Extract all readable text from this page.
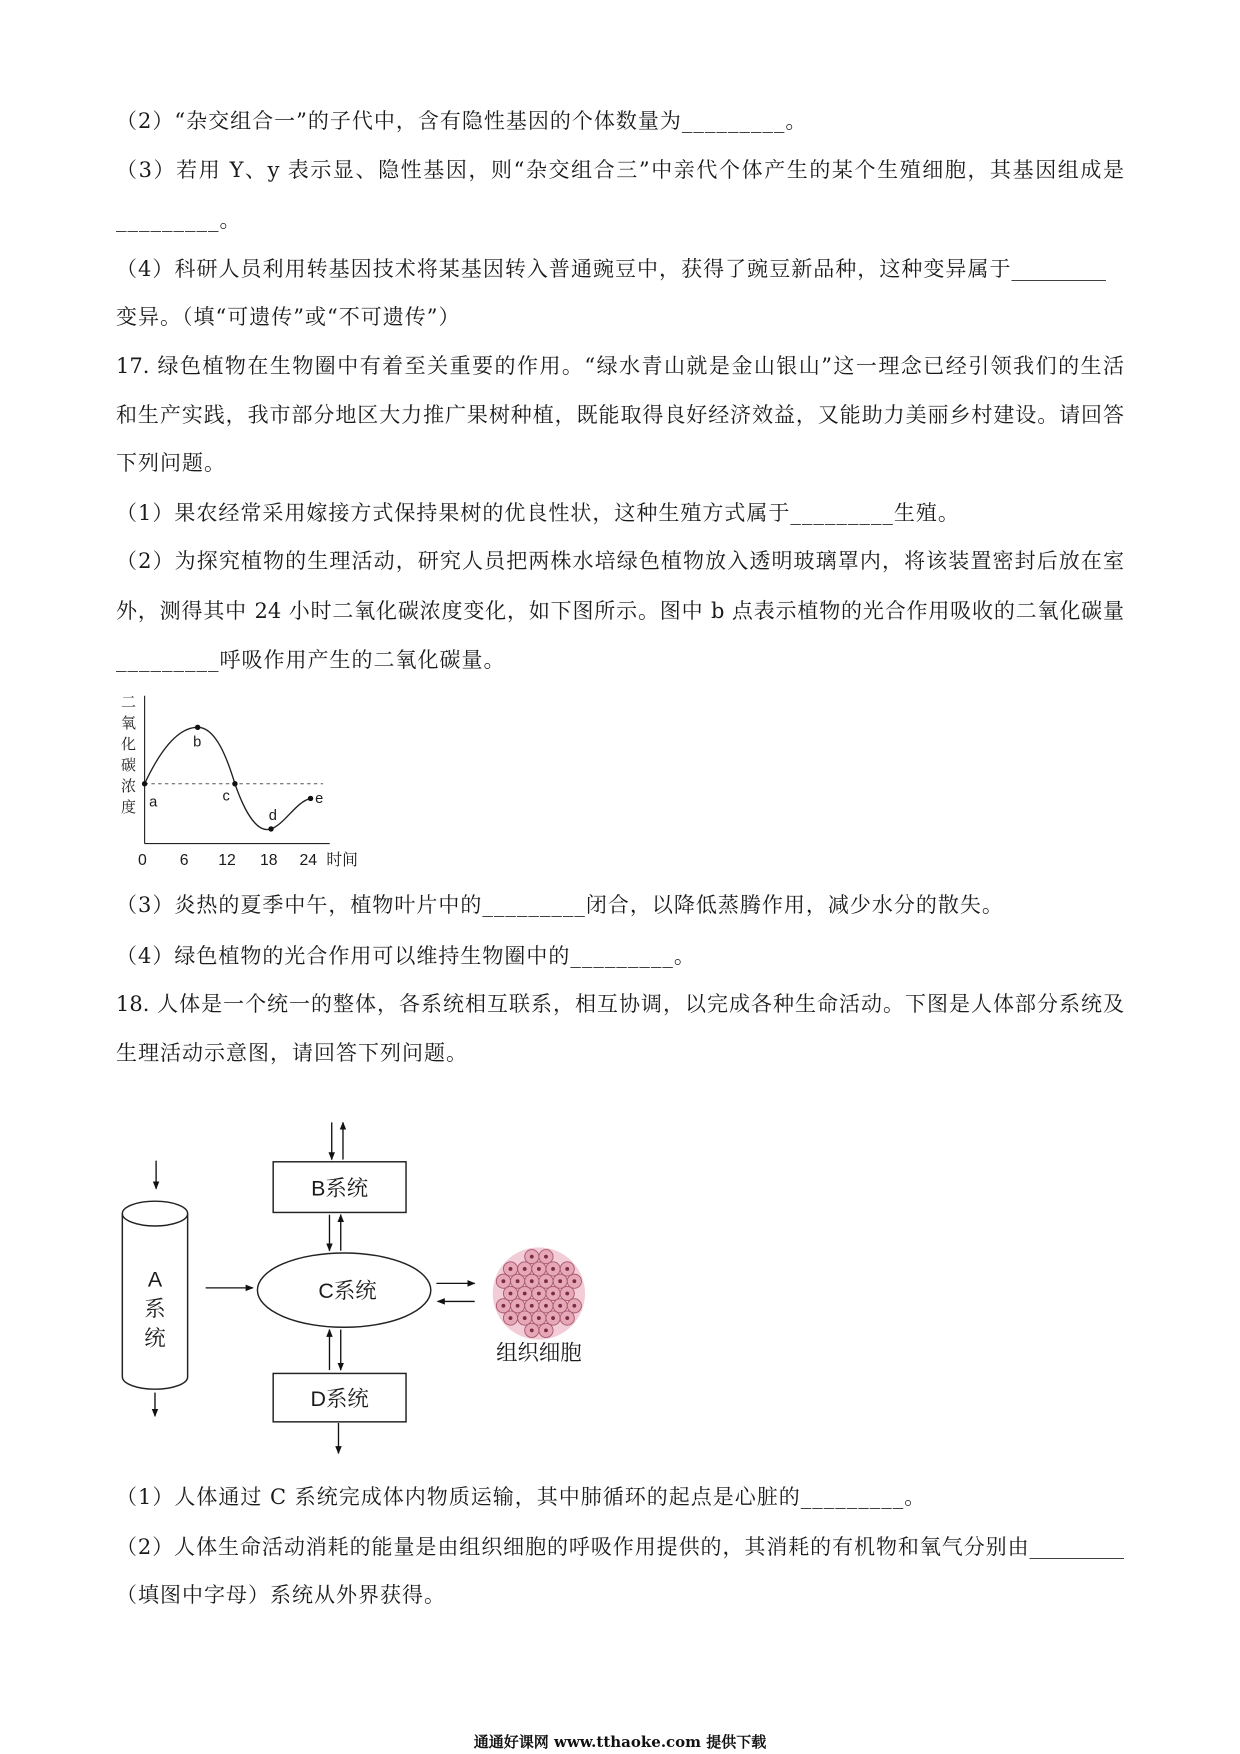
（2）“杂交组合一”的子代中，含有隐性基因的个体数量为_________。
（3）若用 Y、y 表示显、隐性基因，则“杂交组合三”中亲代个体产生的某个生殖细胞，其基因组成是
_________。
（4）科研人员利用转基因技术将某基因转入普通豌豆中，获得了豌豆新品种，这种变异属于_________
变异。（填“可遗传”或“不可遗传”）
17. 绿色植物在生物圈中有着至关重要的作用。“绿水青山就是金山银山”这一理念已经引领我们的生活
和生产实践，我市部分地区大力推广果树种植，既能取得良好经济效益，又能助力美丽乡村建设。请回答
下列问题。
（1）果农经常采用嫁接方式保持果树的优良性状，这种生殖方式属于_________生殖。
（2）为探究植物的生理活动，研究人员把两株水培绿色植物放入透明玻璃罩内，将该装置密封后放在室
外，测得其中 24 小时二氧化碳浓度变化，如下图所示。图中 b 点表示植物的光合作用吸收的二氧化碳量
_________呼吸作用产生的二氧化碳量。
二氧化碳浓度 a
b
c
d
e
0 6 12 18 24 时间
（3）炎热的夏季中午，植物叶片中的_________闭合，以降低蒸腾作用，减少水分的散失。
（4）绿色植物的光合作用可以维持生物圈中的_________。
18. 人体是一个统一的整体，各系统相互联系，相互协调，以完成各种生命活动。下图是人体部分系统及
生理活动示意图，请回答下列问题。
A
系
统
B系统
C系统
D系统
组织细胞
（1）人体通过 C 系统完成体内物质运输，其中肺循环的起点是心脏的_________。
（2）人体生命活动消耗的能量是由组织细胞的呼吸作用提供的，其消耗的有机物和氧气分别由_________
（填图中字母）系统从外界获得。
通通好课网 www.tthaoke.com 提供下载
